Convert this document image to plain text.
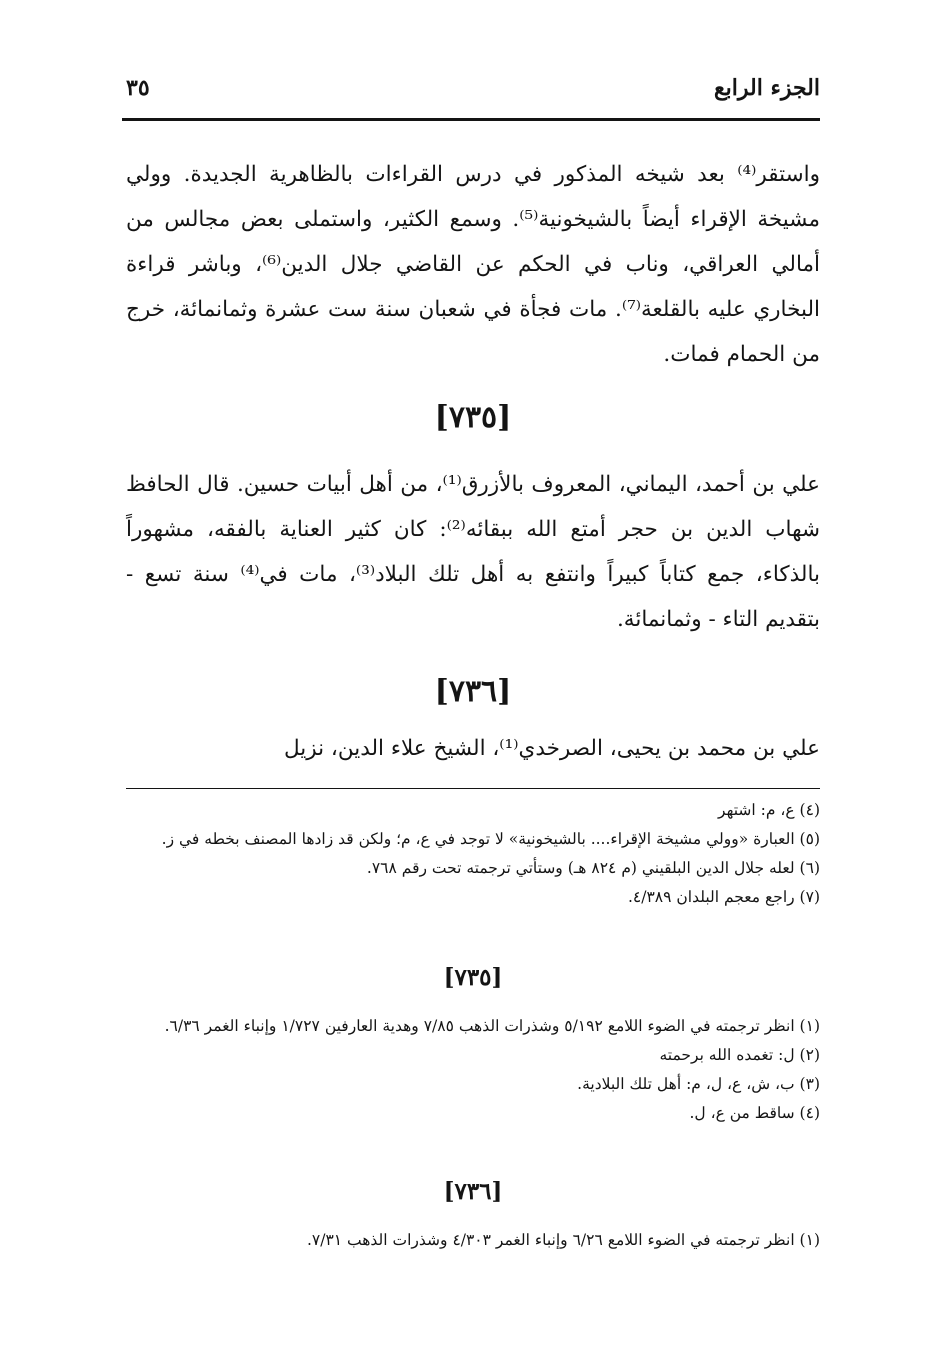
الجزء الرابع
٣٥

واستقر⁽⁴⁾ بعد شيخه المذكور في درس القراءات بالظاهرية الجديدة. وولي مشيخة الإقراء أيضاً بالشيخونية⁽⁵⁾. وسمع الكثير، واستملى بعض مجالس من أمالي العراقي، وناب في الحكم عن القاضي جلال الدين⁽⁶⁾، وباشر قراءة البخاري عليه بالقلعة⁽⁷⁾. مات فجأة في شعبان سنة ست عشرة وثمانمائة، خرج من الحمام فمات.

[٧٣٥]

علي بن أحمد، اليماني، المعروف بالأزرق⁽¹⁾، من أهل أبيات حسين. قال الحافظ شهاب الدين بن حجر أمتع الله ببقائه⁽²⁾: كان كثير العناية بالفقه، مشهوراً بالذكاء، جمع كتاباً كبيراً وانتفع به أهل تلك البلاد⁽³⁾، مات في⁽⁴⁾ سنة تسع - بتقديم التاء - وثمانمائة.

[٧٣٦]

علي بن محمد بن يحيى، الصرخدي⁽¹⁾، الشيخ علاء الدين، نزيل

(٤) ع، م: اشتهر

(٥) العبارة «وولي مشيخة الإقراء.... بالشيخونية» لا توجد في ع، م؛ ولكن قد زادها المصنف بخطه في ز.

(٦) لعله جلال الدين البلقيني (م ٨٢٤ هـ) وستأتي ترجمته تحت رقم ٧٦٨.

(٧) راجع معجم البلدان ٤/٣٨٩.

[٧٣٥]

(١) انظر ترجمته في الضوء اللامع ٥/١٩٢ وشذرات الذهب ٧/٨٥ وهدية العارفين ١/٧٢٧ وإنباء الغمر ٦/٣٦.

(٢) ل: تغمده الله برحمته

(٣) ب، ش، ع، ل، م: أهل تلك البلادية.

(٤) ساقط من ع، ل.

[٧٣٦]

(١) انظر ترجمته في الضوء اللامع ٦/٢٦ وإنباء الغمر ٤/٣٠٣ وشذرات الذهب ٧/٣١.
